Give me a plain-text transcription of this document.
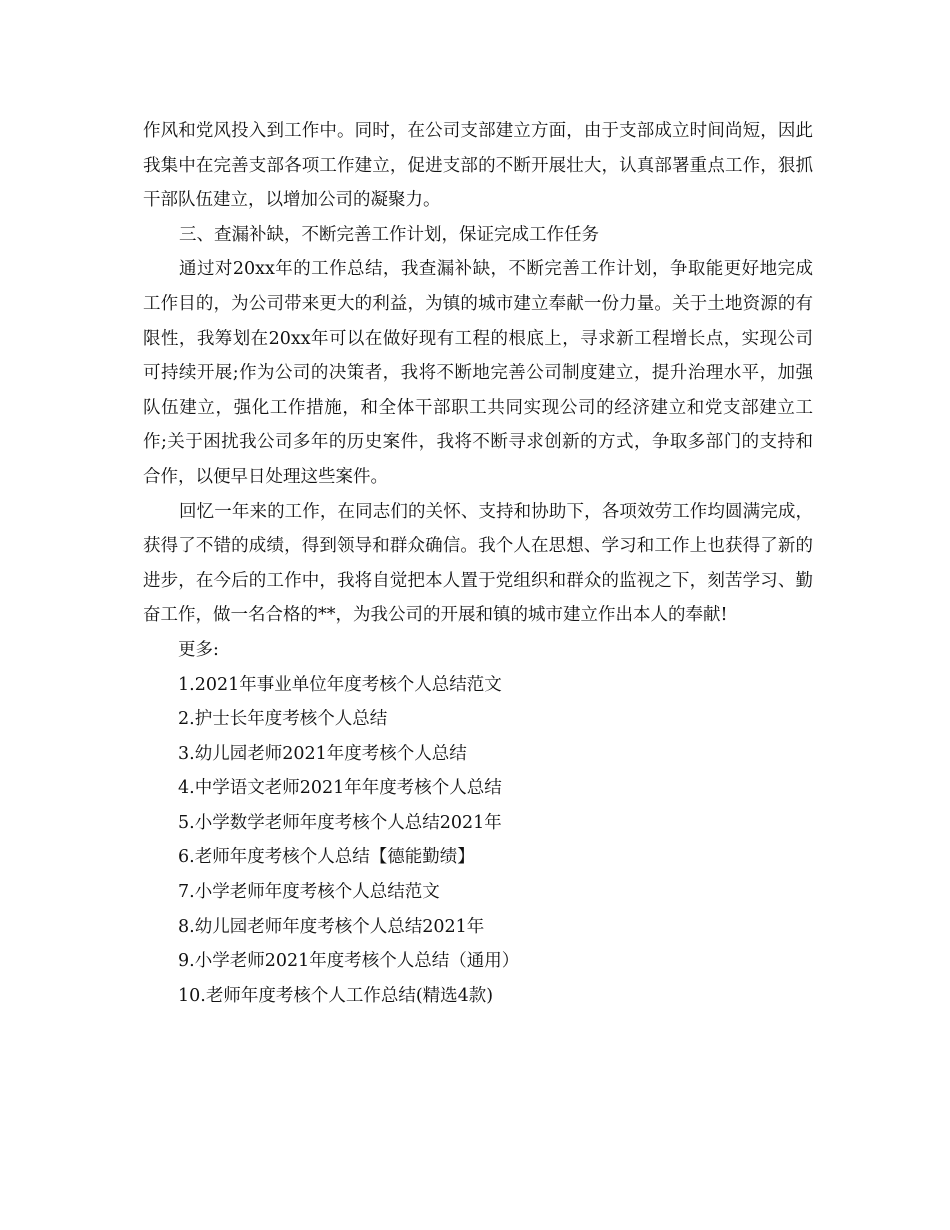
作风和党风投入到工作中。同时，在公司支部建立方面，由于支部成立时间尚短，因此我集中在完善支部各项工作建立，促进支部的不断开展壮大，认真部署重点工作，狠抓干部队伍建立，以增加公司的凝聚力。

三、查漏补缺，不断完善工作计划，保证完成工作任务

通过对20xx年的工作总结，我查漏补缺，不断完善工作计划，争取能更好地完成工作目的，为公司带来更大的利益，为镇的城市建立奉献一份力量。关于土地资源的有限性，我筹划在20xx年可以在做好现有工程的根底上，寻求新工程增长点，实现公司可持续开展;作为公司的决策者，我将不断地完善公司制度建立，提升治理水平，加强队伍建立，强化工作措施，和全体干部职工共同实现公司的经济建立和党支部建立工作;关于困扰我公司多年的历史案件，我将不断寻求创新的方式，争取多部门的支持和合作，以便早日处理这些案件。

回忆一年来的工作，在同志们的关怀、支持和协助下，各项效劳工作均圆满完成，获得了不错的成绩，得到领导和群众确信。我个人在思想、学习和工作上也获得了新的进步，在今后的工作中，我将自觉把本人置于党组织和群众的监视之下，刻苦学习、勤奋工作，做一名合格的**，为我公司的开展和镇的城市建立作出本人的奉献!

更多:
1.2021年事业单位年度考核个人总结范文
2.护士长年度考核个人总结
3.幼儿园老师2021年度考核个人总结
4.中学语文老师2021年年度考核个人总结
5.小学数学老师年度考核个人总结2021年
6.老师年度考核个人总结【德能勤绩】
7.小学老师年度考核个人总结范文
8.幼儿园老师年度考核个人总结2021年
9.小学老师2021年度考核个人总结（通用）
10.老师年度考核个人工作总结(精选4款)
